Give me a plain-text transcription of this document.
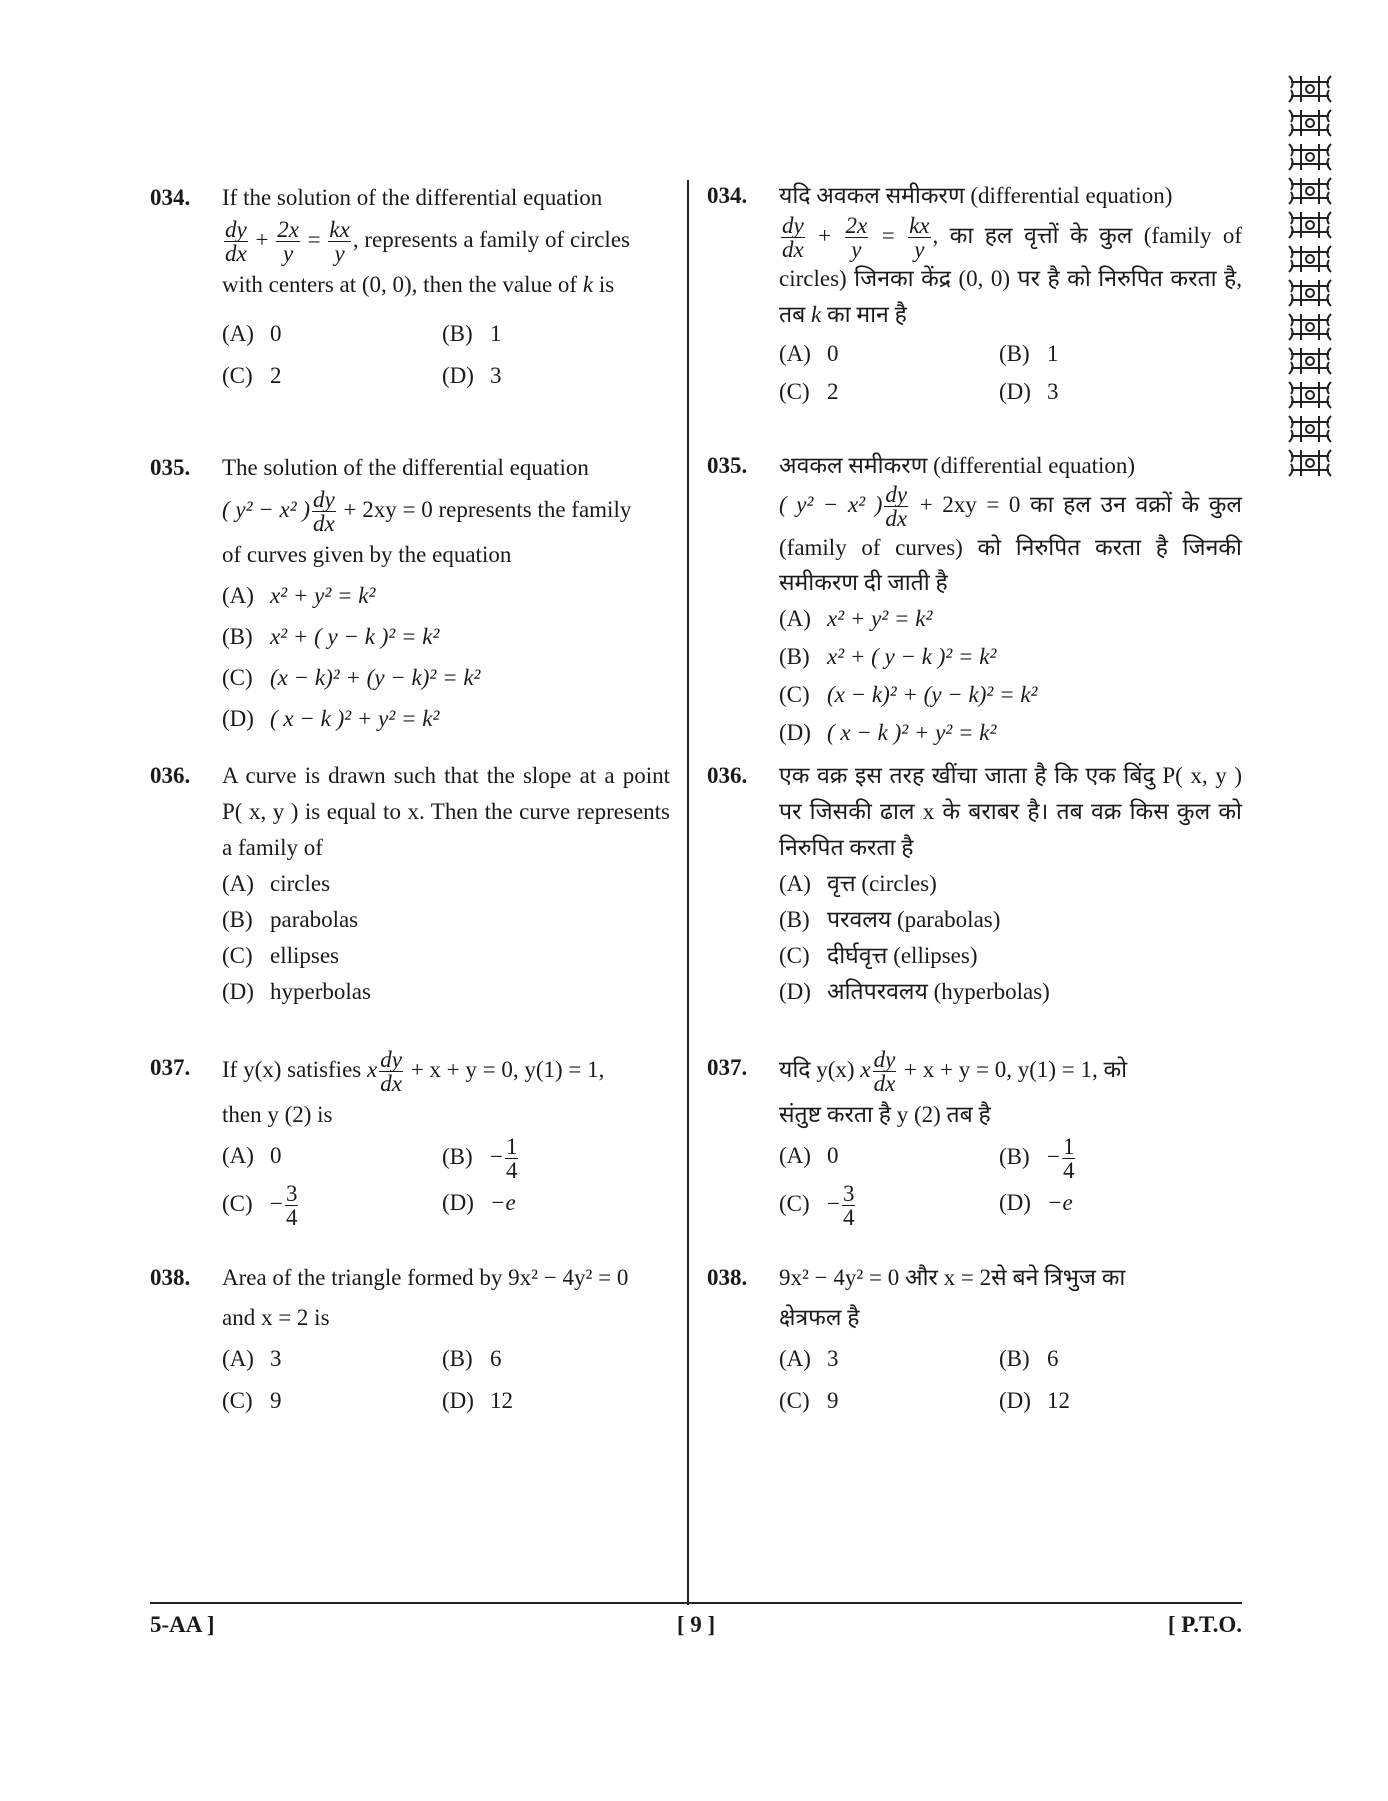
034. If the solution of the differential equation

$\frac{dy}{dx} + \frac{2x}{y} = \frac{kx}{y}$ , represents a family of circles
with centers at (0, 0), then the value of k is
(A) 0	(B) 1
(C) 2	(D) 3
035. The solution of the differential equation
( y² − x² ) $\frac{dy}{dx} + 2xy = 0$ represents the family
of curves given by the equation
(A) x² + y² = k²
(B) x² + ( y − k )² = k²
(C) (x − k)² + (y − k)² = k²
(D) ( x − k )² + y² = k²
036. A curve is drawn such that the slope at a point P( x, y ) is equal to x. Then the curve represents a family of
(A) circles
(B) parabolas
(C) ellipses
(D) hyperbolas
037. If y(x) satisfies x $\frac{dy}{dx} + x + y = 0$, y(1) = 1,
then y (2) is
(A) 0	$(B) - \frac{1}{4}$
$(C) - \frac{3}{4}$	(D) −e
038. Area of the triangle formed by 9x² − 4y² = 0
and x = 2 is
(A) 3	(B) 6
(C) 9	(D) 12
034. यदि अवकल समीकरण (differential equation)

$\frac{dy}{dx} + \frac{2x}{y} = \frac{kx}{y}$ , का हल वृत्तों के कुल (family of circles) जिनका केंद्र (0, 0) पर है को निरुपित करता है, तब k का मान है
(A) 0	(B) 1
(C) 2	(D) 3
035. अवकल समीकरण (differential equation)
( y² − x² ) $\frac{dy}{dx} + 2xy = 0$ का हल उन वक्रों के कुल (family of curves) को निरुपित करता है जिनकी समीकरण दी जाती है
(A) x² + y² = k²
(B) x² + ( y − k )² = k²
(C) (x − k)² + (y − k)² = k²
(D) ( x − k )² + y² = k²
036. एक वक्र इस तरह खींचा जाता है कि एक बिंदु P( x, y ) पर जिसकी ढाल x के बराबर है। तब वक्र किस कुल को निरुपित करता है
(A) वृत्त (circles)
(B) परवलय (parabolas)
(C) दीर्घवृत्त (ellipses)
(D) अतिपरवलय (hyperbolas)
037. यदि y(x) x $\frac{dy}{dx} + x + y = 0$, y(1) = 1, को
संतुष्ट करता है y (2) तब है
(A) 0	$(B) - \frac{1}{4}$
$(C) - \frac{3}{4}$	(D) −e
038. 9x² − 4y² = 0 और x = 2से बने त्रिभुज का
क्षेत्रफल है
(A) 3	(B) 6
(C) 9	(D) 12
5-AA ]	[ 9 ]	[ P.T.O.
